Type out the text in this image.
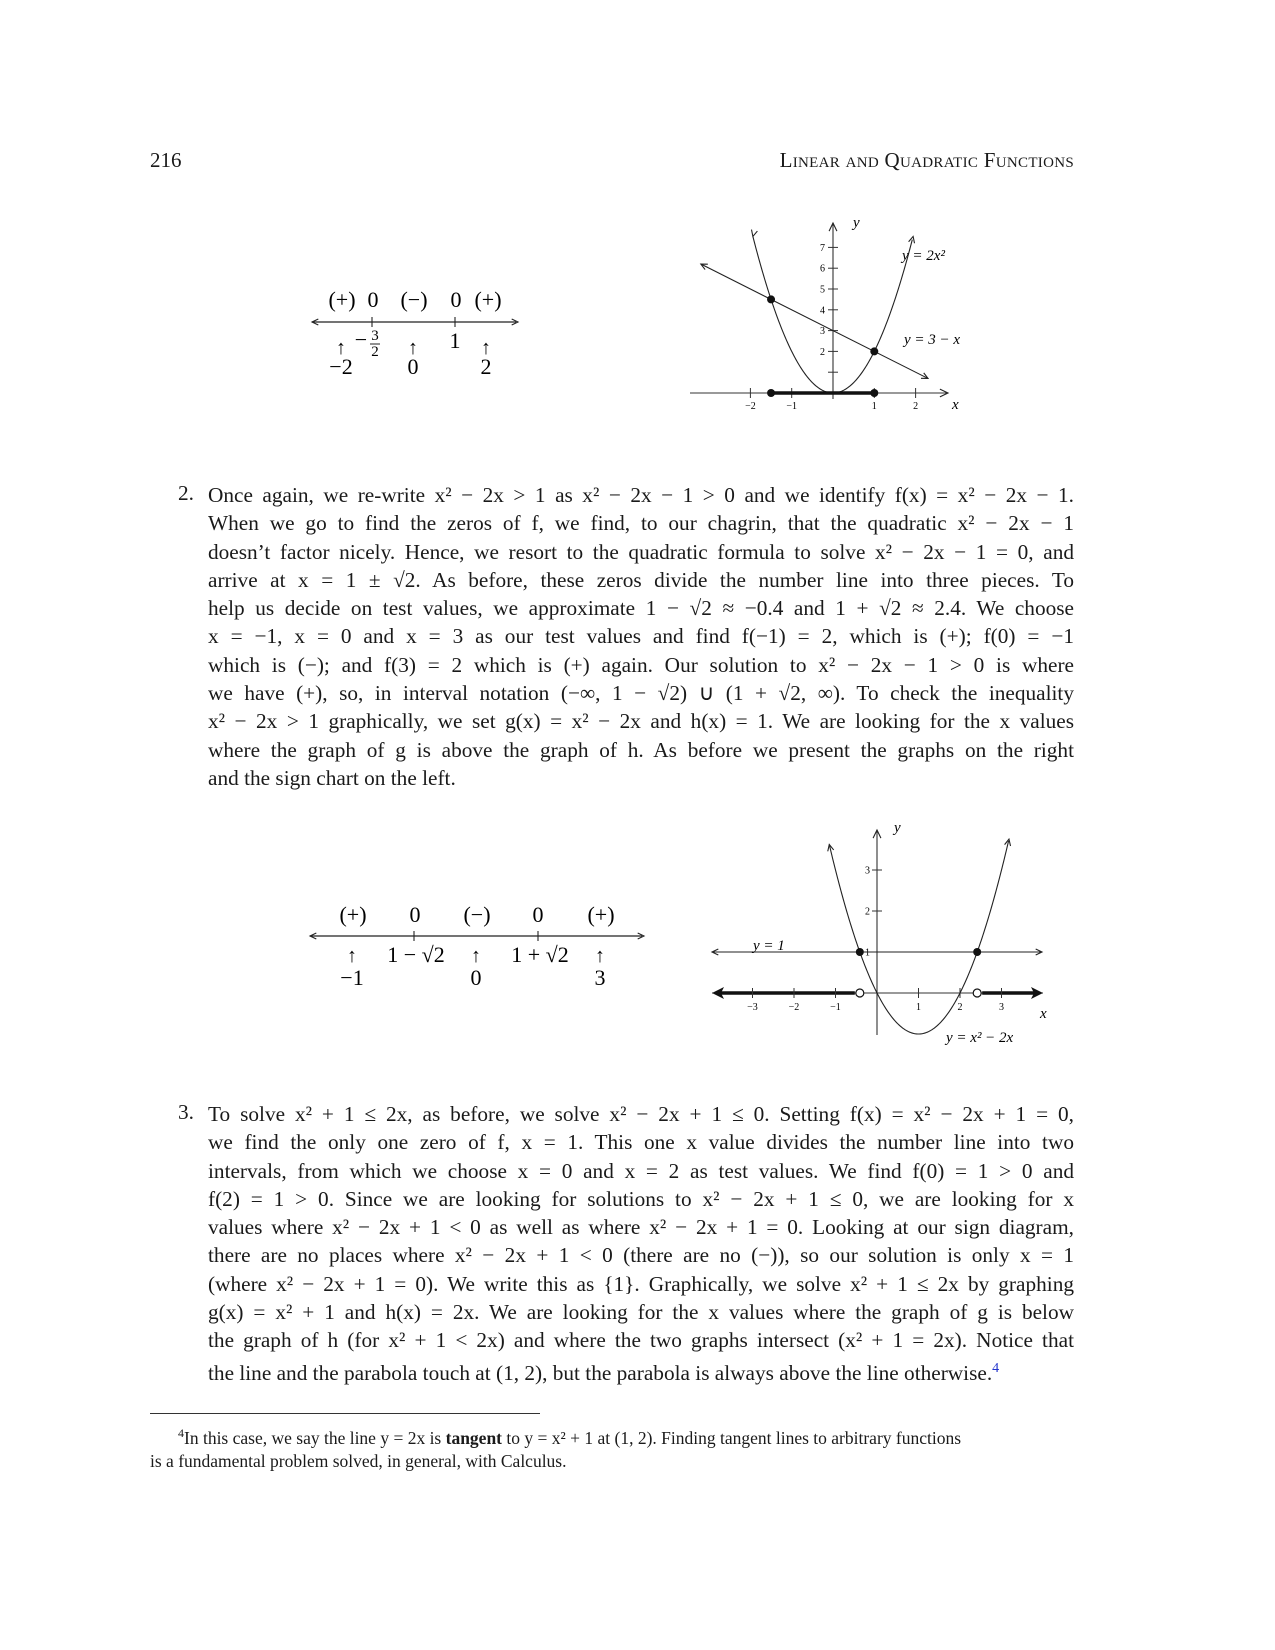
216	Linear and Quadratic Functions
(+) 0 (−) 0 (+)
− 3
2
−3/2	1
↑
−2
↑
0
↑
2
x
y
−2	−1	1	2
2
3
4
5
6
7	y = 2x²
y = 3 − x
2. Once again, we re-write x² − 2x > 1 as x² − 2x − 1 > 0 and we identify f(x) = x² − 2x − 1.
When we go to find the zeros of f, we find, to our chagrin, that the quadratic x² − 2x − 1
doesn’t factor nicely. Hence, we resort to the quadratic formula to solve x² − 2x − 1 = 0, and
arrive at x = 1 ± √2. As before, these zeros divide the number line into three pieces. To
help us decide on test values, we approximate 1 − √2 ≈ −0.4 and 1 + √2 ≈ 2.4. We choose
x = −1, x = 0 and x = 3 as our test values and find f(−1) = 2, which is (+); f(0) = −1
which is (−); and f(3) = 2 which is (+) again. Our solution to x² − 2x − 1 > 0 is where
we have (+), so, in interval notation (−∞, 1 − √2) ∪ (1 + √2, ∞). To check the inequality
x² − 2x > 1 graphically, we set g(x) = x² − 2x and h(x) = 1. We are looking for the x values
where the graph of g is above the graph of h. As before we present the graphs on the right
and the sign chart on the left.
(+) 0 (−) 0 (+)
1 − √2	1 + √2
↑
−1
↑
0
↑
3
x
y
−3	−2	−1	1	2	3
1
2
3
y = 1
y = x² − 2x
3. To solve x² + 1 ≤ 2x, as before, we solve x² − 2x + 1 ≤ 0. Setting f(x) = x² − 2x + 1 = 0,
we find the only one zero of f, x = 1. This one x value divides the number line into two
intervals, from which we choose x = 0 and x = 2 as test values. We find f(0) = 1 > 0 and
f(2) = 1 > 0. Since we are looking for solutions to x² − 2x + 1 ≤ 0, we are looking for x
values where x² − 2x + 1 < 0 as well as where x² − 2x + 1 = 0. Looking at our sign diagram,
there are no places where x² − 2x + 1 < 0 (there are no (−)), so our solution is only x = 1
(where x² − 2x + 1 = 0). We write this as {1}. Graphically, we solve x² + 1 ≤ 2x by graphing
g(x) = x² + 1 and h(x) = 2x. We are looking for the x values where the graph of g is below
the graph of h (for x² + 1 < 2x) and where the two graphs intersect (x² + 1 = 2x). Notice that
the line and the parabola touch at (1, 2), but the parabola is always above the line otherwise.$^4$
$^4$In this case, we say the line y = 2x is tangent to y = x² + 1 at (1, 2). Finding tangent lines to arbitrary functions
is a fundamental problem solved, in general, with Calculus.
